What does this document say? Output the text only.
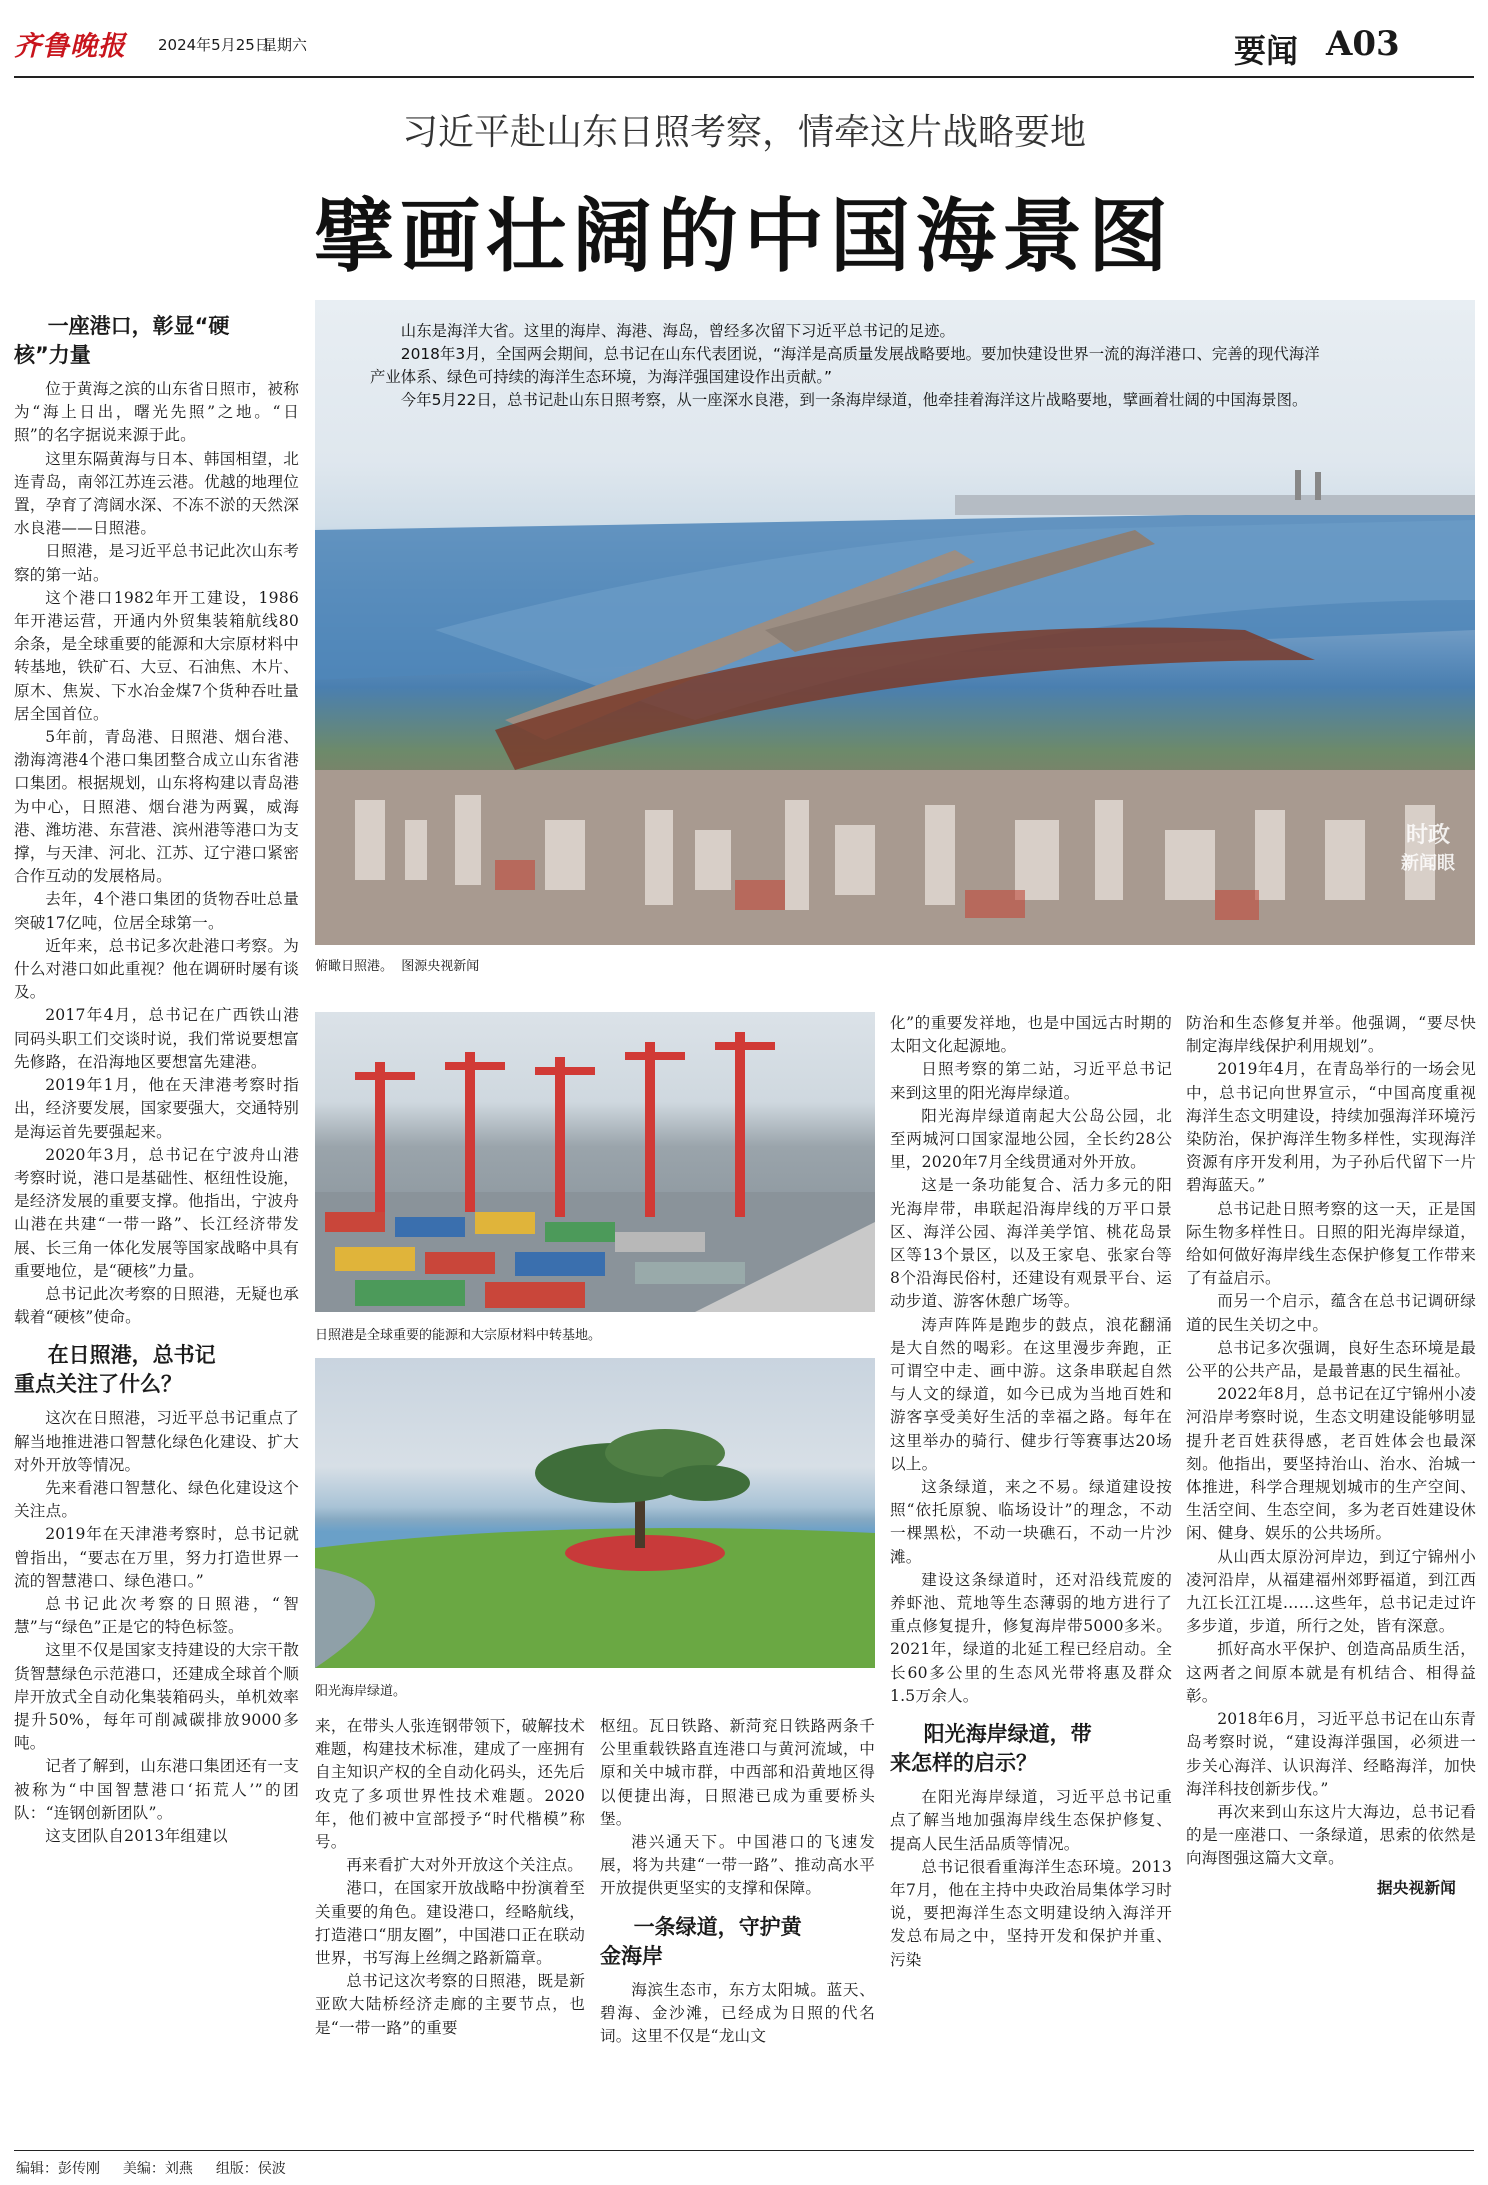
齐鲁晚报 2024年5月25日
星期六	要闻 A03
习近平赴山东日照考察，情牵这片战略要地
擘画壮阔的中国海景图

山东是海洋大省。这里的海岸、海港、海岛，曾经多次留下习近平总书记的足迹。

2018年3月，全国两会期间，总书记在山东代表团说，“海洋是高质量发展战略要地。要加快建设世界一流的海洋港口、完善的现代海洋产业体系、绿色可持续的海洋生态环境，为海洋强国建设作出贡献。”

今年5月22日，总书记赴山东日照考察，从一座深水良港，到一条海岸绿道，他牵挂着海洋这片战略要地，擘画着壮阔的中国海景图。

时政
新闻眼
俯瞰日照港。  图源央视新闻
日照港是全球重要的能源和大宗原材料中转基地。
阳光海岸绿道。
一座港口，彰显“硬
核”力量

位于黄海之滨的山东省日照市，被称为“海上日出，曙光先照”之地。“日照”的名字据说来源于此。

这里东隔黄海与日本、韩国相望，北连青岛，南邻江苏连云港。优越的地理位置，孕育了湾阔水深、不冻不淤的天然深水良港——日照港。

日照港，是习近平总书记此次山东考察的第一站。

这个港口1982年开工建设，1986年开港运营，开通内外贸集装箱航线80余条，是全球重要的能源和大宗原材料中转基地，铁矿石、大豆、石油焦、木片、原木、焦炭、下水冶金煤7个货种吞吐量居全国首位。

5年前，青岛港、日照港、烟台港、渤海湾港4个港口集团整合成立山东省港口集团。根据规划，山东将构建以青岛港为中心，日照港、烟台港为两翼，威海港、潍坊港、东营港、滨州港等港口为支撑，与天津、河北、江苏、辽宁港口紧密合作互动的发展格局。

去年，4个港口集团的货物吞吐总量突破17亿吨，位居全球第一。

近年来，总书记多次赴港口考察。为什么对港口如此重视？他在调研时屡有谈及。

2017年4月，总书记在广西铁山港同码头职工们交谈时说，我们常说要想富先修路，在沿海地区要想富先建港。

2019年1月，他在天津港考察时指出，经济要发展，国家要强大，交通特别是海运首先要强起来。

2020年3月，总书记在宁波舟山港考察时说，港口是基础性、枢纽性设施，是经济发展的重要支撑。他指出，宁波舟山港在共建“一带一路”、长江经济带发展、长三角一体化发展等国家战略中具有重要地位，是“硬核”力量。

总书记此次考察的日照港，无疑也承载着“硬核”使命。

在日照港，总书记
重点关注了什么？

这次在日照港，习近平总书记重点了解当地推进港口智慧化绿色化建设、扩大对外开放等情况。

先来看港口智慧化、绿色化建设这个关注点。

2019年在天津港考察时，总书记就曾指出，“要志在万里，努力打造世界一流的智慧港口、绿色港口。”

总书记此次考察的日照港，“智慧”与“绿色”正是它的特色标签。

这里不仅是国家支持建设的大宗干散货智慧绿色示范港口，还建成全球首个顺岸开放式全自动化集装箱码头，单机效率提升50%，每年可削减碳排放9000多吨。

记者了解到，山东港口集团还有一支被称为“中国智慧港口‘拓荒人’”的团队：“连钢创新团队”。

这支团队自2013年组建以

来，在带头人张连钢带领下，破解技术难题，构建技术标准，建成了一座拥有自主知识产权的全自动化码头，还先后攻克了多项世界性技术难题。2020年，他们被中宣部授予“时代楷模”称号。

再来看扩大对外开放这个关注点。

港口，在国家开放战略中扮演着至关重要的角色。建设港口，经略航线，打造港口“朋友圈”，中国港口正在联动世界，书写海上丝绸之路新篇章。

总书记这次考察的日照港，既是新亚欧大陆桥经济走廊的主要节点，也是“一带一路”的重要

枢纽。瓦日铁路、新菏兖日铁路两条千公里重载铁路直连港口与黄河流域，中原和关中城市群，中西部和沿黄地区得以便捷出海，日照港已成为重要桥头堡。

港兴通天下。中国港口的飞速发展，将为共建“一带一路”、推动高水平开放提供更坚实的支撑和保障。

一条绿道，守护黄
金海岸

海滨生态市，东方太阳城。蓝天、碧海、金沙滩，已经成为日照的代名词。这里不仅是“龙山文

化”的重要发祥地，也是中国远古时期的太阳文化起源地。

日照考察的第二站，习近平总书记来到这里的阳光海岸绿道。

阳光海岸绿道南起大公岛公园，北至两城河口国家湿地公园，全长约28公里，2020年7月全线贯通对外开放。

这是一条功能复合、活力多元的阳光海岸带，串联起沿海岸线的万平口景区、海洋公园、海洋美学馆、桃花岛景区等13个景区，以及王家皂、张家台等8个沿海民俗村，还建设有观景平台、运动步道、游客休憩广场等。

涛声阵阵是跑步的鼓点，浪花翻涌是大自然的喝彩。在这里漫步奔跑，正可谓空中走、画中游。这条串联起自然与人文的绿道，如今已成为当地百姓和游客享受美好生活的幸福之路。每年在这里举办的骑行、健步行等赛事达20场以上。

这条绿道，来之不易。绿道建设按照“依托原貌、临场设计”的理念，不动一棵黑松，不动一块礁石，不动一片沙滩。

建设这条绿道时，还对沿线荒废的养虾池、荒地等生态薄弱的地方进行了重点修复提升，修复海岸带5000多米。2021年，绿道的北延工程已经启动。全长60多公里的生态风光带将惠及群众1.5万余人。

阳光海岸绿道，带
来怎样的启示？

在阳光海岸绿道，习近平总书记重点了解当地加强海岸线生态保护修复、提高人民生活品质等情况。

总书记很看重海洋生态环境。2013年7月，他在主持中央政治局集体学习时说，要把海洋生态文明建设纳入海洋开发总布局之中，坚持开发和保护并重、污染

防治和生态修复并举。他强调，“要尽快制定海岸线保护利用规划”。

2019年4月，在青岛举行的一场会见中，总书记向世界宣示，“中国高度重视海洋生态文明建设，持续加强海洋环境污染防治，保护海洋生物多样性，实现海洋资源有序开发利用，为子孙后代留下一片碧海蓝天。”

总书记赴日照考察的这一天，正是国际生物多样性日。日照的阳光海岸绿道，给如何做好海岸线生态保护修复工作带来了有益启示。

而另一个启示，蕴含在总书记调研绿道的民生关切之中。

总书记多次强调，良好生态环境是最公平的公共产品，是最普惠的民生福祉。

2022年8月，总书记在辽宁锦州小凌河沿岸考察时说，生态文明建设能够明显提升老百姓获得感，老百姓体会也最深刻。他指出，要坚持治山、治水、治城一体推进，科学合理规划城市的生产空间、生活空间、生态空间，多为老百姓建设休闲、健身、娱乐的公共场所。

从山西太原汾河岸边，到辽宁锦州小凌河沿岸，从福建福州郊野福道，到江西九江长江江堤……这些年，总书记走过许多步道，步道，所行之处，皆有深意。

抓好高水平保护、创造高品质生活，这两者之间原本就是有机结合、相得益彰。

2018年6月，习近平总书记在山东青岛考察时说，“建设海洋强国，必须进一步关心海洋、认识海洋、经略海洋，加快海洋科技创新步伐。”

再次来到山东这片大海边，总书记看的是一座港口、一条绿道，思索的依然是向海图强这篇大文章。

据央视新闻

编辑：彭传刚 美编：刘燕 组版：侯波
